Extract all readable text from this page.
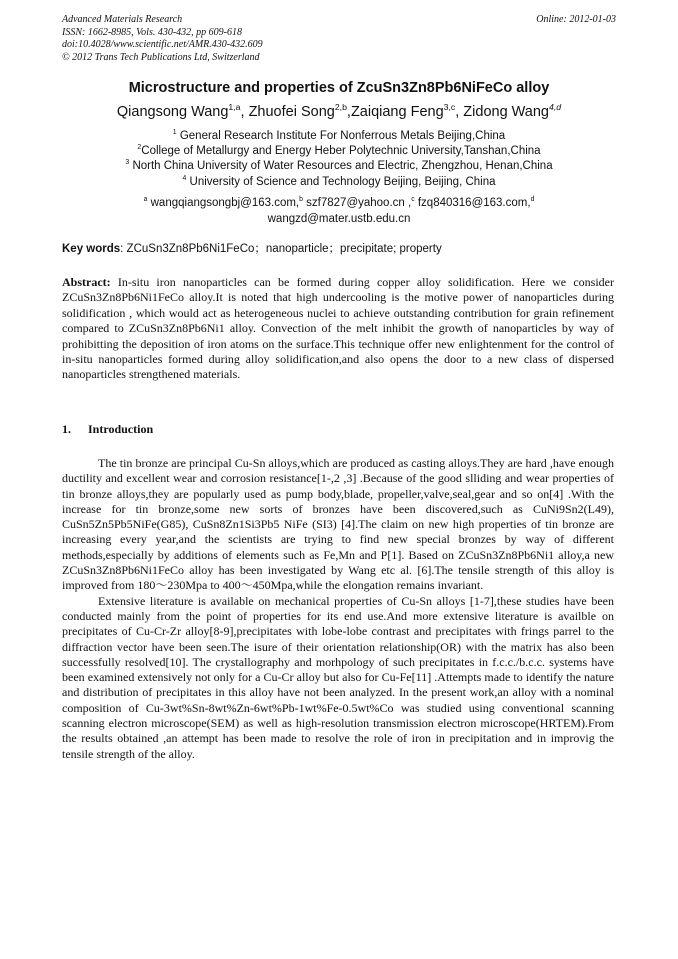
Advanced Materials Research
ISSN: 1662-8985, Vols. 430-432, pp 609-618
doi:10.4028/www.scientific.net/AMR.430-432.609
© 2012 Trans Tech Publications Ltd, Switzerland
Online: 2012-01-03
Microstructure and properties of ZcuSn3Zn8Pb6NiFeCo alloy
Qiangsong Wang$^{1,a}$, Zhuofei Song$^{2,b}$,Zaiqiang Feng$^{3,c}$, Zidong Wang$^{4,d}$
$^1$ General Research Institute For Nonferrous Metals Beijing,China
$^2$College of Metallurgy and Energy Heber Polytechnic University,Tanshan,China
$^3$ North China University of Water Resources and Electric, Zhengzhou, Henan,China
$^4$ University of Science and Technology Beijing, Beijing, China
$^a$ wangqiangsongbj@163.com,$^b$ szf7827@yahoo.cn ,$^c$ fzq840316@163.com,$^d$
wangzd@mater.ustb.edu.cn
Key words: ZCuSn3Zn8Pb6Ni1FeCo；nanoparticle；precipitate; property

Abstract: In-situ iron nanoparticles can be formed during copper alloy solidification. Here we consider ZCuSn3Zn8Pb6Ni1FeCo alloy.It is noted that high undercooling is the motive power of nanoparticles during solidification , which would act as heterogeneous nuclei to achieve outstanding contribution for grain refinement compared to ZCuSn3Zn8Pb6Ni1 alloy. Convection of the melt inhibit the growth of nanoparticles by way of prohibitting the deposition of iron atoms on the surface.This technique offer new enlightenment for the control of in-situ nanoparticles formed during alloy solidification,and also opens the door to a new class of dispersed nanoparticles strengthened materials.

1. Introduction

The tin bronze are principal Cu-Sn alloys,which are produced as casting alloys.They are hard ,have enough ductility and excellent wear and corrosion resistance[1-,2 ,3] .Because of the good slliding and wear properties of tin bronze alloys,they are popularly used as pump body,blade, propeller,valve,seal,gear and so on[4] .With the increase for tin bronze,some new sorts of bronzes have been discovered,such as CuNi9Sn2(L49), CuSn5Zn5Pb5NiFe(G85), CuSn8Zn1Si3Pb5 NiFe (SI3) [4].The claim on new high properties of tin bronze are increasing every year,and the scientists are trying to find new special bronzes by way of different methods,especially by additions of elements such as Fe,Mn and P[1]. Based on ZCuSn3Zn8Pb6Ni1 alloy,a new ZCuSn3Zn8Pb6Ni1FeCo alloy has been investigated by Wang etc al. [6].The tensile strength of this alloy is improved from 180～230Mpa to 400～450Mpa,while the elongation remains invariant.

Extensive literature is available on mechanical properties of Cu-Sn alloys [1-7],these studies have been conducted mainly from the point of properties for its end use.And more extensive literature is availble on precipitates of Cu-Cr-Zr alloy[8-9],precipitates with lobe-lobe contrast and precipitates with frings parrel to the diffraction vector have been seen.The isure of their orientation relationship(OR) with the matrix has also been successfully resolved[10]. The crystallography and morhpology of such precipitates in f.c.c./b.c.c. systems have been examined extensively not only for a Cu-Cr alloy but also for Cu-Fe[11] .Attempts made to identify the nature and distribution of precipitates in this alloy have not been analyzed. In the present work,an alloy with a nominal composition of Cu-3wt%Sn-8wt%Zn-6wt%Pb-1wt%Fe-0.5wt%Co was studied using conventional scanning scanning electron microscope(SEM) as well as high-resolution transmission electron microscope(HRTEM).From the results obtained ,an attempt has been made to resolve the role of iron in precipitation and in improvig the tensile strength of the alloy.
